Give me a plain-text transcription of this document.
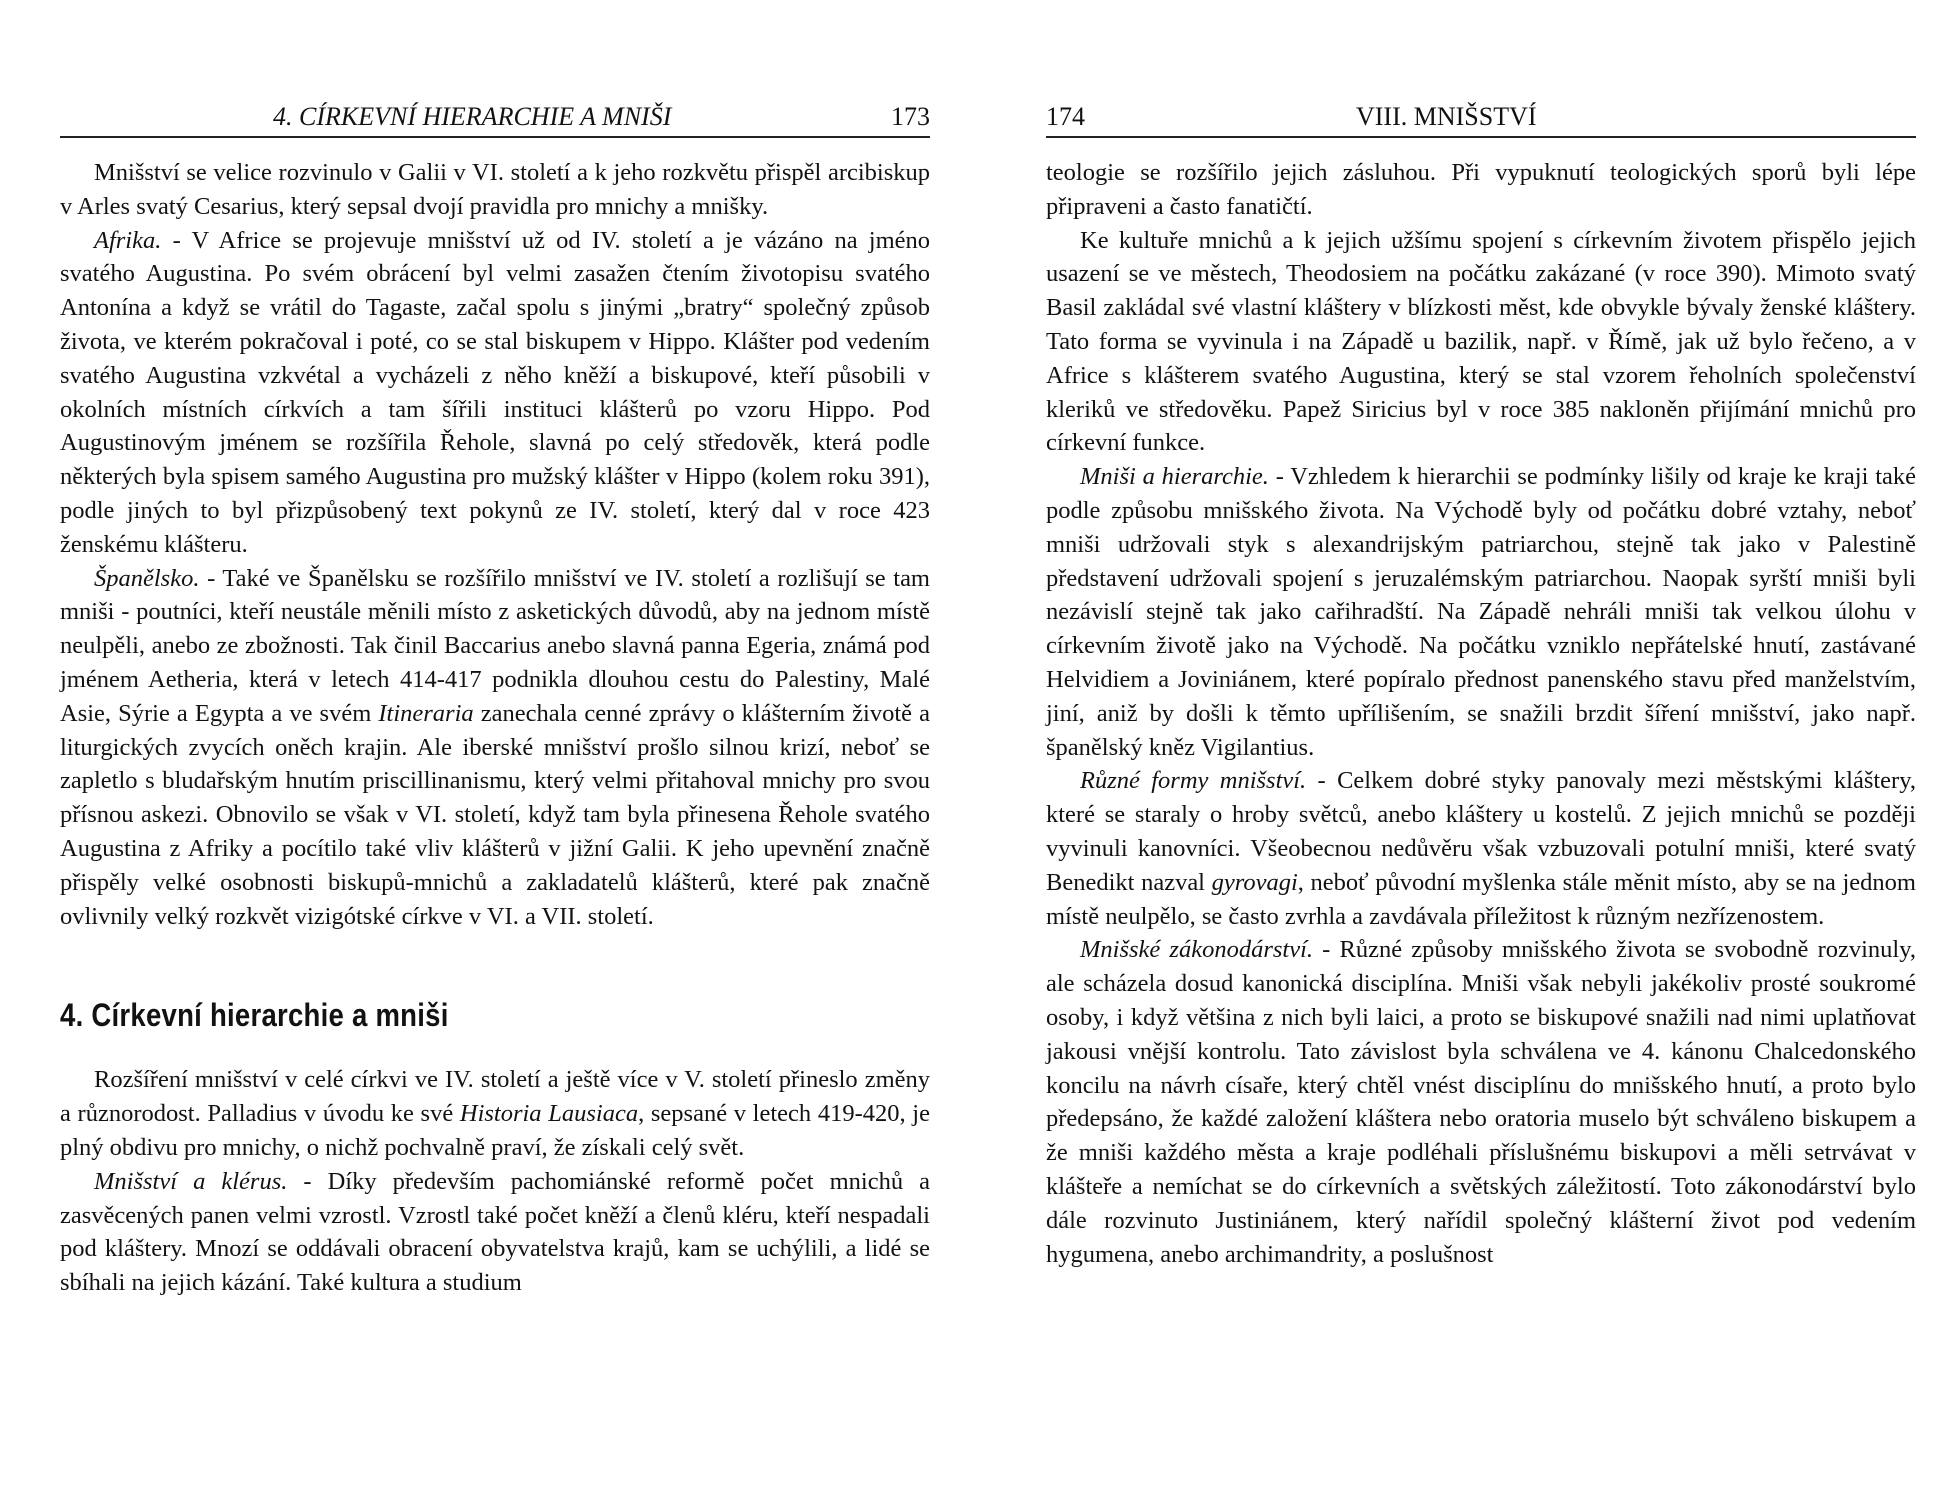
4. CÍRKEVNÍ HIERARCHIE A MNIŠI	173

Mnišství se velice rozvinulo v Galii v VI. století a k jeho rozkvětu přispěl arcibiskup v Arles svatý Cesarius, který sepsal dvojí pravidla pro mnichy a mnišky.

Afrika. - V Africe se projevuje mnišství už od IV. století a je vázáno na jméno svatého Augustina. Po svém obrácení byl velmi zasažen čtením životopisu svatého Antonína a když se vrátil do Tagaste, začal spolu s jinými „bratry“ společný způsob života, ve kterém pokračoval i poté, co se stal biskupem v Hippo. Klášter pod vedením svatého Augustina vzkvétal a vycházeli z něho kněží a biskupové, kteří působili v okolních místních církvích a tam šířili instituci klášterů po vzoru Hippo. Pod Augustinovým jménem se rozšířila Řehole, slavná po celý středověk, která podle některých byla spisem samého Augustina pro mužský klášter v Hippo (kolem roku 391), podle jiných to byl přizpůsobený text pokynů ze IV. století, který dal v roce 423 ženskému klášteru.

Španělsko. - Také ve Španělsku se rozšířilo mnišství ve IV. století a rozlišují se tam mniši - poutníci, kteří neustále měnili místo z asketických důvodů, aby na jednom místě neulpěli, anebo ze zbožnosti. Tak činil Baccarius anebo slavná panna Egeria, známá pod jménem Aetheria, která v letech 414-417 podnikla dlouhou cestu do Palestiny, Malé Asie, Sýrie a Egypta a ve svém Itineraria zanechala cenné zprávy o klášterním životě a liturgických zvycích oněch krajin. Ale iberské mnišství prošlo silnou krizí, neboť se zapletlo s bludařským hnutím priscillinanismu, který velmi přitahoval mnichy pro svou přísnou askezi. Obnovilo se však v VI. století, když tam byla přinesena Řehole svatého Augustina z Afriky a pocítilo také vliv klášterů v jižní Galii. K jeho upevnění značně přispěly velké osobnosti biskupů-mnichů a zakladatelů klášterů, které pak značně ovlivnily velký rozkvět vizigótské církve v VI. a VII. století.

4. Církevní hierarchie a mniši

Rozšíření mnišství v celé církvi ve IV. století a ještě více v V. století přineslo změny a různorodost. Palladius v úvodu ke své Historia Lausiaca, sepsané v letech 419-420, je plný obdivu pro mnichy, o nichž pochvalně praví, že získali celý svět.

Mnišství a klérus. - Díky především pachomiánské reformě počet mnichů a zasvěcených panen velmi vzrostl. Vzrostl také počet kněží a členů kléru, kteří nespadali pod kláštery. Mnozí se oddávali obracení obyvatelstva krajů, kam se uchýlili, a lidé se sbíhali na jejich kázání. Také kultura a studium

174	VIII. MNIŠSTVÍ

teologie se rozšířilo jejich zásluhou. Při vypuknutí teologických sporů byli lépe připraveni a často fanatičtí.

Ke kultuře mnichů a k jejich užšímu spojení s církevním životem přispělo jejich usazení se ve městech, Theodosiem na počátku zakázané (v roce 390). Mimoto svatý Basil zakládal své vlastní kláštery v blízkosti měst, kde obvykle bývaly ženské kláštery. Tato forma se vyvinula i na Západě u bazilik, např. v Římě, jak už bylo řečeno, a v Africe s klášterem svatého Augustina, který se stal vzorem řeholních společenství kleriků ve středověku. Papež Siricius byl v roce 385 nakloněn přijímání mnichů pro církevní funkce.

Mniši a hierarchie. - Vzhledem k hierarchii se podmínky lišily od kraje ke kraji také podle způsobu mnišského života. Na Východě byly od počátku dobré vztahy, neboť mniši udržovali styk s alexandrijským patriarchou, stejně tak jako v Palestině představení udržovali spojení s jeruzalémským patriarchou. Naopak syrští mniši byli nezávislí stejně tak jako cařihradští. Na Západě nehráli mniši tak velkou úlohu v církevním životě jako na Východě. Na počátku vzniklo nepřátelské hnutí, zastávané Helvidiem a Joviniánem, které popíralo přednost panenského stavu před manželstvím, jiní, aniž by došli k těmto upřílišením, se snažili brzdit šíření mnišství, jako např. španělský kněz Vigilantius.

Různé formy mnišství. - Celkem dobré styky panovaly mezi městskými kláštery, které se staraly o hroby světců, anebo kláštery u kostelů. Z jejich mnichů se později vyvinuli kanovníci. Všeobecnou nedůvěru však vzbuzovali potulní mniši, které svatý Benedikt nazval gyrovagi, neboť původní myšlenka stále měnit místo, aby se na jednom místě neulpělo, se často zvrhla a zavdávala příležitost k různým nezřízenostem.

Mnišské zákonodárství. - Různé způsoby mnišského života se svobodně rozvinuly, ale scházela dosud kanonická disciplína. Mniši však nebyli jakékoliv prosté soukromé osoby, i když většina z nich byli laici, a proto se biskupové snažili nad nimi uplatňovat jakousi vnější kontrolu. Tato závislost byla schválena ve 4. kánonu Chalcedonského koncilu na návrh císaře, který chtěl vnést disciplínu do mnišského hnutí, a proto bylo předepsáno, že každé založení kláštera nebo oratoria muselo být schváleno biskupem a že mniši každého města a kraje podléhali příslušnému biskupovi a měli setrvávat v klášteře a nemíchat se do církevních a světských záležitostí. Toto zákonodárství bylo dále rozvinuto Justiniánem, který nařídil společný klášterní život pod vedením hygumena, anebo archimandrity, a poslušnost
